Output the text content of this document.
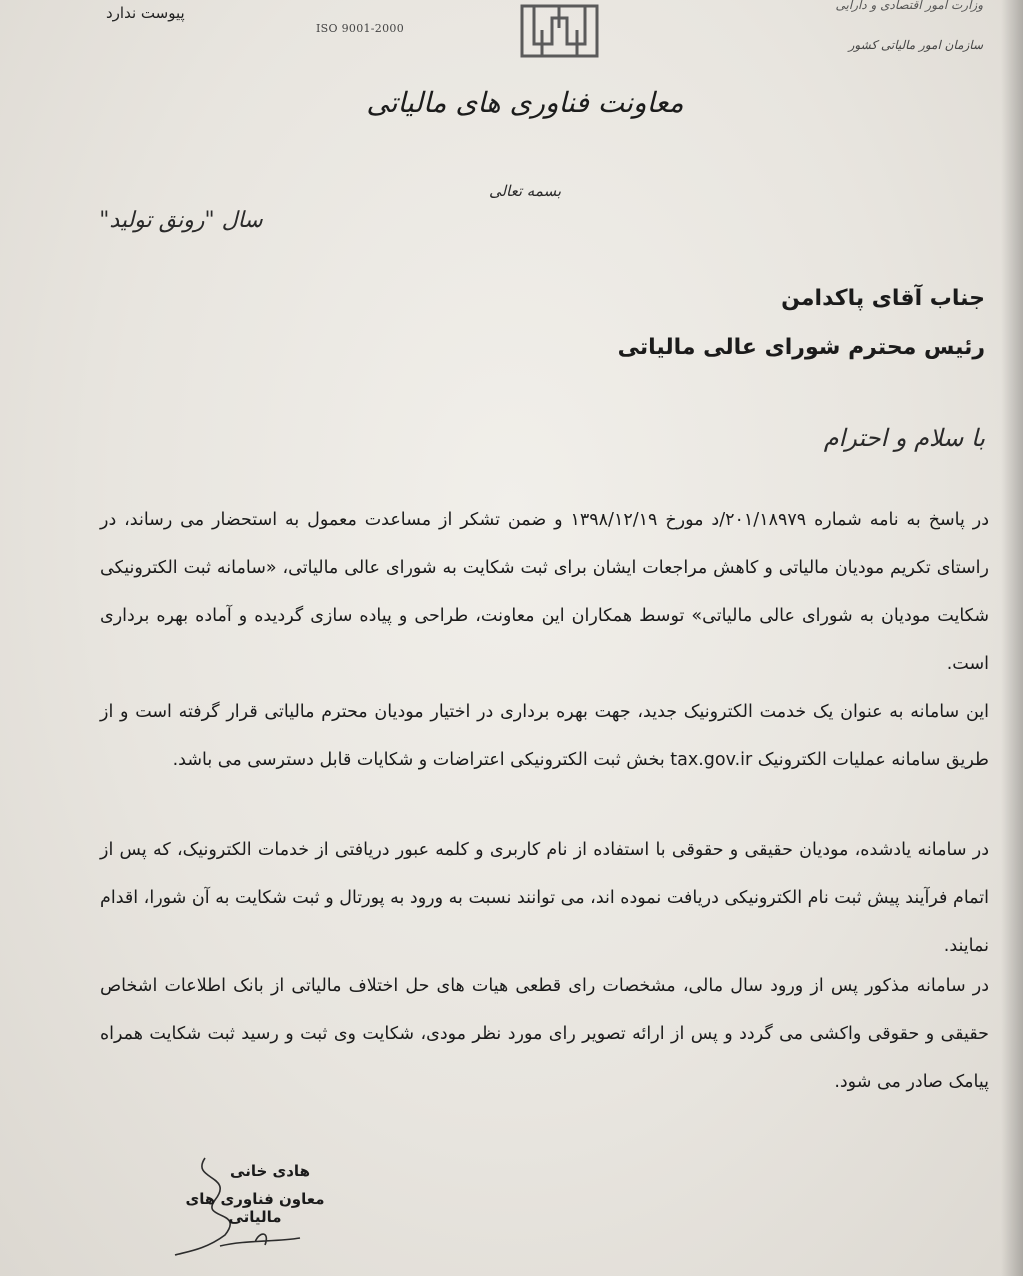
وزارت امور اقتصادی و دارایی
ISO 9001-2000
سازمان امور مالیاتی کشور
پیوست ندارد
معاونت فناوری های مالیاتی
بسمه تعالی
سال "رونق تولید"
جناب آقای پاکدامن
رئیس محترم شورای عالی مالیاتی
با سلام و احترام
در پاسخ به نامه شماره ۲۰۱/۱۸۹۷۹/د مورخ ۱۳۹۸/۱۲/۱۹ و ضمن تشکر از مساعدت معمول به استحضار می رساند، در راستای تکریم مودیان مالیاتی و کاهش مراجعات ایشان برای ثبت شکایت به شورای عالی مالیاتی، «سامانه ثبت الکترونیکی شکایت مودیان به شورای عالی مالیاتی» توسط همکاران این معاونت، طراحی و پیاده سازی گردیده و آماده بهره برداری است.
این سامانه به عنوان یک خدمت الکترونیک جدید، جهت بهره برداری در اختیار مودیان محترم مالیاتی قرار گرفته است و از طریق سامانه عملیات الکترونیک tax.gov.ir بخش ثبت الکترونیکی اعتراضات و شکایات قابل دسترسی می باشد.
در سامانه یادشده، مودیان حقیقی و حقوقی با استفاده از نام کاربری و کلمه عبور دریافتی از خدمات الکترونیک، که پس از اتمام فرآیند پیش ثبت نام الکترونیکی دریافت نموده اند، می توانند نسبت به ورود به پورتال و ثبت شکایت به آن شورا، اقدام نمایند.
در سامانه مذکور پس از ورود سال مالی، مشخصات رای قطعی هیات های حل اختلاف مالیاتی از بانک اطلاعات اشخاص حقیقی و حقوقی واکشی می گردد و پس از ارائه تصویر رای مورد نظر مودی، شکایت وی ثبت و رسید ثبت شکایت همراه پیامک صادر می شود.
هادی خانی
معاون فناوری های مالیاتی
